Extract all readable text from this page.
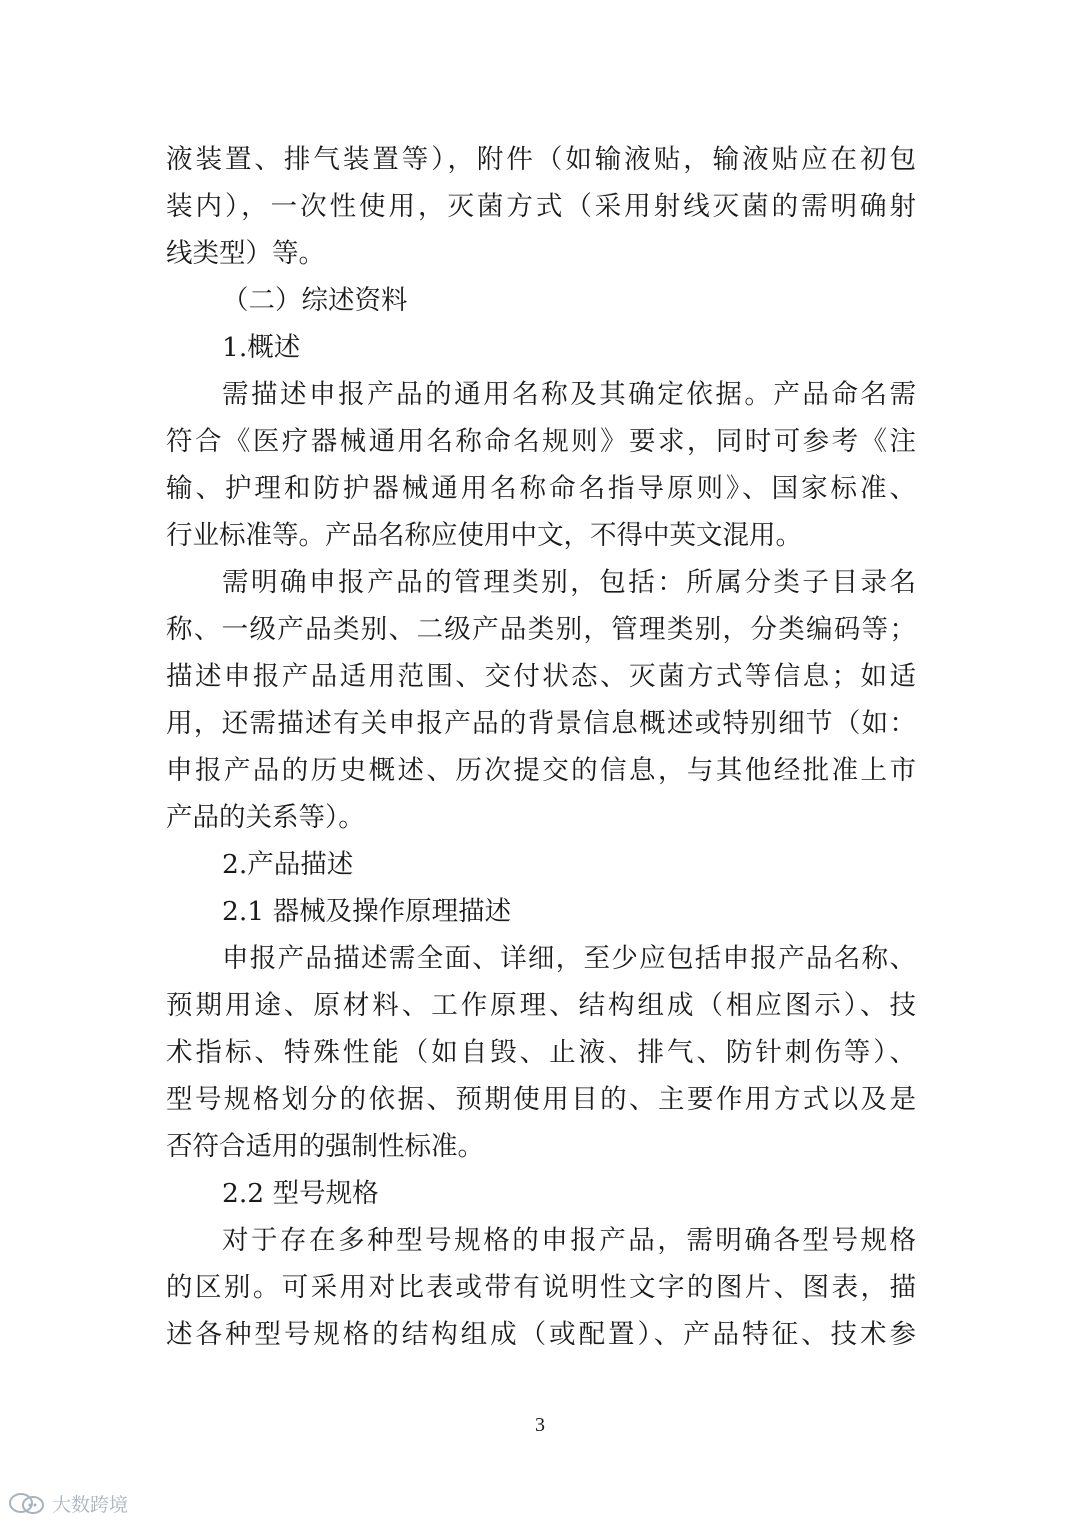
液装置、排气装置等），附件（如输液贴，输液贴应在初包
装内），一次性使用，灭菌方式（采用射线灭菌的需明确射
线类型）等。
（二）综述资料
1.概述
需描述申报产品的通用名称及其确定依据。产品命名需
符合《医疗器械通用名称命名规则》要求，同时可参考《注
输、护理和防护器械通用名称命名指导原则》、国家标准、
行业标准等。产品名称应使用中文，不得中英文混用。
需明确申报产品的管理类别，包括：所属分类子目录名
称、一级产品类别、二级产品类别，管理类别，分类编码等；
描述申报产品适用范围、交付状态、灭菌方式等信息；如适
用，还需描述有关申报产品的背景信息概述或特别细节（如：
申报产品的历史概述、历次提交的信息，与其他经批准上市
产品的关系等）。
2.产品描述
2.1 器械及操作原理描述
申报产品描述需全面、详细，至少应包括申报产品名称、
预期用途、原材料、工作原理、结构组成（相应图示）、技
术指标、特殊性能（如自毁、止液、排气、防针刺伤等）、
型号规格划分的依据、预期使用目的、主要作用方式以及是
否符合适用的强制性标准。
2.2 型号规格
对于存在多种型号规格的申报产品，需明确各型号规格
的区别。可采用对比表或带有说明性文字的图片、图表，描
述各种型号规格的结构组成（或配置）、产品特征、技术参
3
大数跨境
